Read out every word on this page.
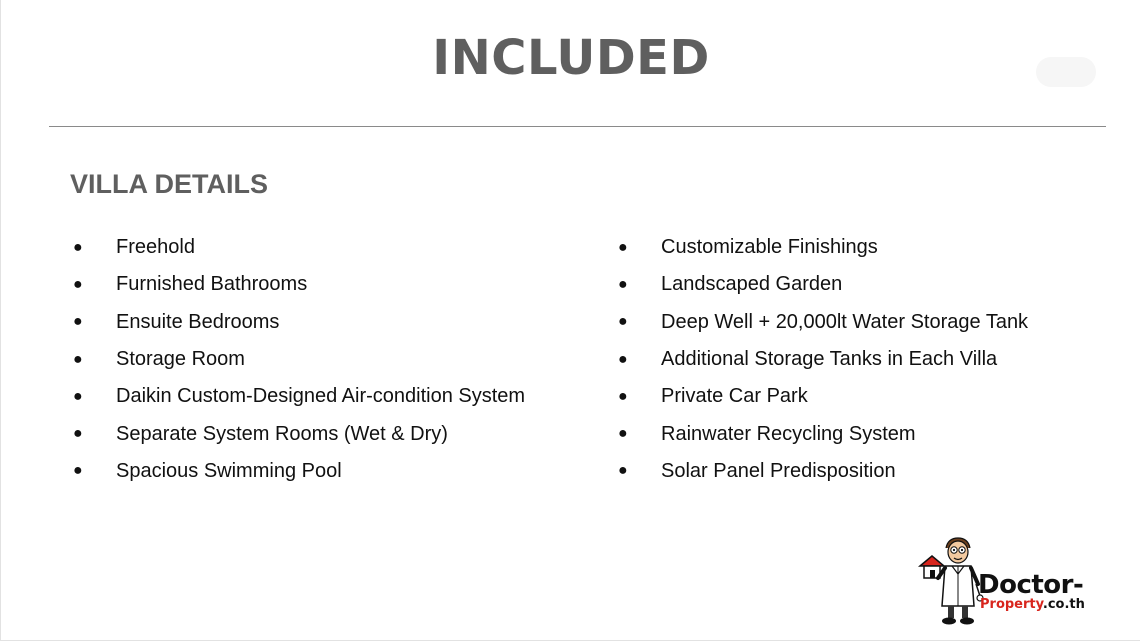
INCLUDED
VILLA DETAILS
●	Freehold
●	Furnished Bathrooms
●	Ensuite Bedrooms
●	Storage Room
●	Daikin Custom-Designed Air-condition System
●	Separate System Rooms (Wet & Dry)
●	Spacious Swimming Pool
●	Customizable Finishings
●	Landscaped Garden
●	Deep Well + 20,000lt Water Storage Tank
●	Additional Storage Tanks in Each Villa
●	Private Car Park
●	Rainwater Recycling System
●	Solar Panel Predisposition
Doctor-
Property.co.th
